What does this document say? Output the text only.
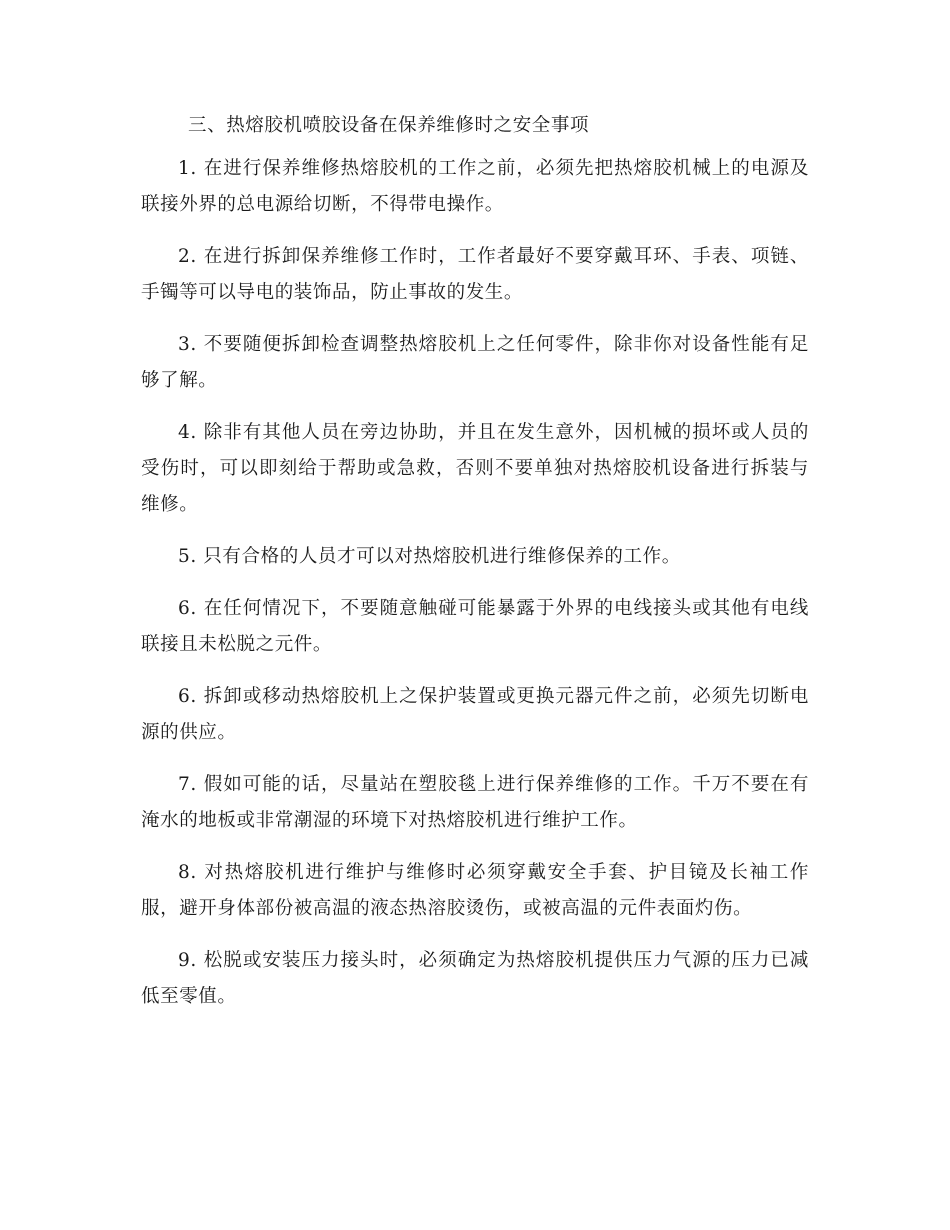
三、热熔胶机喷胶设备在保养维修时之安全事项

1. 在进行保养维修热熔胶机的工作之前，必须先把热熔胶机械上的电源及联接外界的总电源给切断，不得带电操作。

2. 在进行拆卸保养维修工作时，工作者最好不要穿戴耳环、手表、项链、手镯等可以导电的装饰品，防止事故的发生。

3. 不要随便拆卸检查调整热熔胶机上之任何零件，除非你对设备性能有足够了解。

4. 除非有其他人员在旁边协助，并且在发生意外，因机械的损坏或人员的受伤时，可以即刻给于帮助或急救，否则不要单独对热熔胶机设备进行拆装与维修。

5. 只有合格的人员才可以对热熔胶机进行维修保养的工作。

6. 在任何情况下，不要随意触碰可能暴露于外界的电线接头或其他有电线联接且未松脱之元件。

6. 拆卸或移动热熔胶机上之保护装置或更换元器元件之前，必须先切断电源的供应。

7. 假如可能的话，尽量站在塑胶毯上进行保养维修的工作。千万不要在有淹水的地板或非常潮湿的环境下对热熔胶机进行维护工作。

8. 对热熔胶机进行维护与维修时必须穿戴安全手套、护目镜及长袖工作服，避开身体部份被高温的液态热溶胶烫伤，或被高温的元件表面灼伤。

9. 松脱或安装压力接头时，必须确定为热熔胶机提供压力气源的压力已减低至零值。
